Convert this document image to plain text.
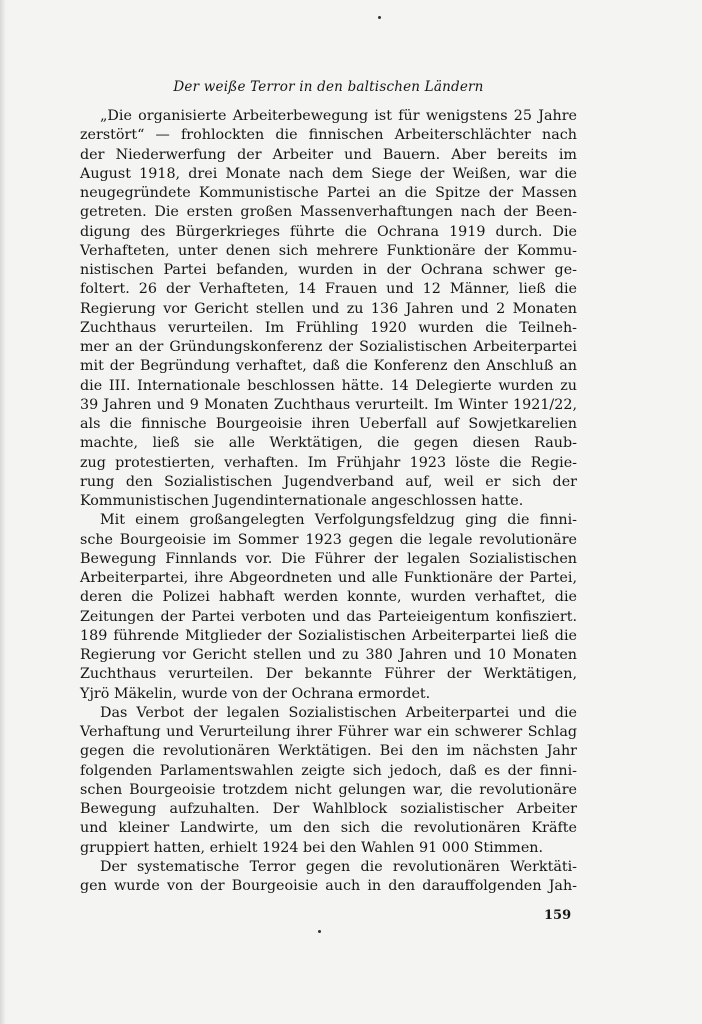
Der weiße Terror in den baltischen Ländern
„Die organisierte Arbeiterbewegung ist für wenigstens 25 Jahre
zerstört“ — frohlockten die finnischen Arbeiterschlächter nach
der Niederwerfung der Arbeiter und Bauern. Aber bereits im
August 1918, drei Monate nach dem Siege der Weißen, war die
neugegründete Kommunistische Partei an die Spitze der Massen
getreten. Die ersten großen Massenverhaftungen nach der Been-
digung des Bürgerkrieges führte die Ochrana 1919 durch. Die
Verhafteten, unter denen sich mehrere Funktionäre der Kommu-
nistischen Partei befanden, wurden in der Ochrana schwer ge-
foltert. 26 der Verhafteten, 14 Frauen und 12 Männer, ließ die
Regierung vor Gericht stellen und zu 136 Jahren und 2 Monaten
Zuchthaus verurteilen. Im Frühling 1920 wurden die Teilneh-
mer an der Gründungskonferenz der Sozialistischen Arbeiterpartei
mit der Begründung verhaftet, daß die Konferenz den Anschluß an
die III. Internationale beschlossen hätte. 14 Delegierte wurden zu
39 Jahren und 9 Monaten Zuchthaus verurteilt. Im Winter 1921/22,
als die finnische Bourgeoisie ihren Ueberfall auf Sowjetkarelien
machte, ließ sie alle Werktätigen, die gegen diesen Raub-
zug protestierten, verhaften. Im Frühjahr 1923 löste die Regie-
rung den Sozialistischen Jugendverband auf, weil er sich der
Kommunistischen Jugendinternationale angeschlossen hatte.
Mit einem großangelegten Verfolgungsfeldzug ging die finni-
sche Bourgeoisie im Sommer 1923 gegen die legale revolutionäre
Bewegung Finnlands vor. Die Führer der legalen Sozialistischen
Arbeiterpartei, ihre Abgeordneten und alle Funktionäre der Partei,
deren die Polizei habhaft werden konnte, wurden verhaftet, die
Zeitungen der Partei verboten und das Parteieigentum konfisziert.
189 führende Mitglieder der Sozialistischen Arbeiterpartei ließ die
Regierung vor Gericht stellen und zu 380 Jahren und 10 Monaten
Zuchthaus verurteilen. Der bekannte Führer der Werktätigen,
Yjrö Mäkelin, wurde von der Ochrana ermordet.
Das Verbot der legalen Sozialistischen Arbeiterpartei und die
Verhaftung und Verurteilung ihrer Führer war ein schwerer Schlag
gegen die revolutionären Werktätigen. Bei den im nächsten Jahr
folgenden Parlamentswahlen zeigte sich jedoch, daß es der finni-
schen Bourgeoisie trotzdem nicht gelungen war, die revolutionäre
Bewegung aufzuhalten. Der Wahlblock sozialistischer Arbeiter
und kleiner Landwirte, um den sich die revolutionären Kräfte
gruppiert hatten, erhielt 1924 bei den Wahlen 91 000 Stimmen.
Der systematische Terror gegen die revolutionären Werktäti-
gen wurde von der Bourgeoisie auch in den darauffolgenden Jah-
159
